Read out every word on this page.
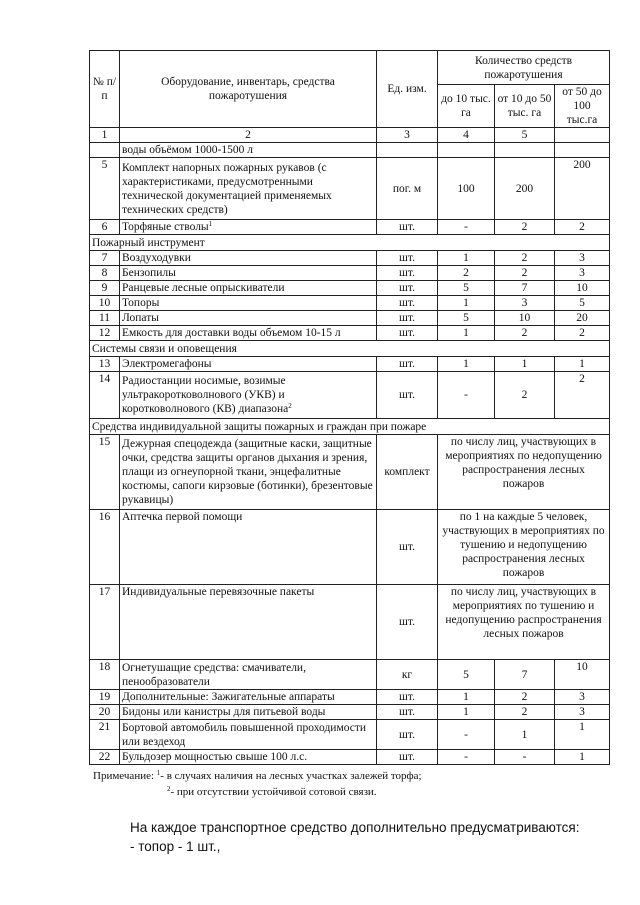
№ п/п	Оборудование, инвентарь, средства пожаротушения	Ед. изм.	Количество средств пожаротушения		
			до 10 тыс. га	от 10 до 50 тыс. га	от 50 до 100 тыс.га
1	2	3	4	5	
	воды объёмом 1000-1500 л				
5	Комплект напорных пожарных рукавов (с характеристиками, предусмотренными технической документацией применяемых технических средств)	пог. м	100	200	200
6	Торфяные стволы$^1$	шт.	-	2	2
Пожарный инструмент					
7	Воздуходувки	шт.	1	2	3
8	Бензопилы	шт.	2	2	3
9	Ранцевые лесные опрыскиватели	шт.	5	7	10
10	Топоры	шт.	1	3	5
11	Лопаты	шт.	5	10	20
12	Емкость для доставки воды объемом 10-15 л	шт.	1	2	2
Системы связи и оповещения					
13	Электромегафоны	шт.	1	1	1
14	Радиостанции носимые, возимые ультракоротковолнового (УКВ) и коротковолнового (КВ) диапазона$^2$	шт.	-	2	2
Средства индивидуальной защиты пожарных и граждан при пожаре					
15	Дежурная спецодежда (защитные каски, защитные очки, средства защиты органов дыхания и зрения, плащи из огнеупорной ткани, энцефалитные костюмы, сапоги кирзовые (ботинки), брезентовые рукавицы)	комплект	по числу лиц, участвующих в мероприятиях по недопущению распространения лесных пожаров		
16	Аптечка первой помощи	шт.	по 1 на каждые 5 человек, участвующих в мероприятиях по тушению и недопущению распространения лесных пожаров		
17	Индивидуальные перевязочные пакеты	шт.	по числу лиц, участвующих в мероприятиях по тушению и недопущению распространения лесных пожаров		
18	Огнетушащие средства: смачиватели, пенообразователи	кг	5	7	10
19	Дополнительные: Зажигательные аппараты	шт.	1	2	3
20	Бидоны или канистры для питьевой воды	шт.	1	2	3
21	Бортовой автомобиль повышенной проходимости или вездеход	шт.	-	1	1
22	Бульдозер мощностью свыше 100 л.с.	шт.	-	-	1
Примечание: $^1$- в случаях наличия на лесных участках залежей торфа;
$^2$- при отсутствии устойчивой сотовой связи.
На каждое транспортное средство дополнительно предусматриваются:
- топор - 1 шт.,
